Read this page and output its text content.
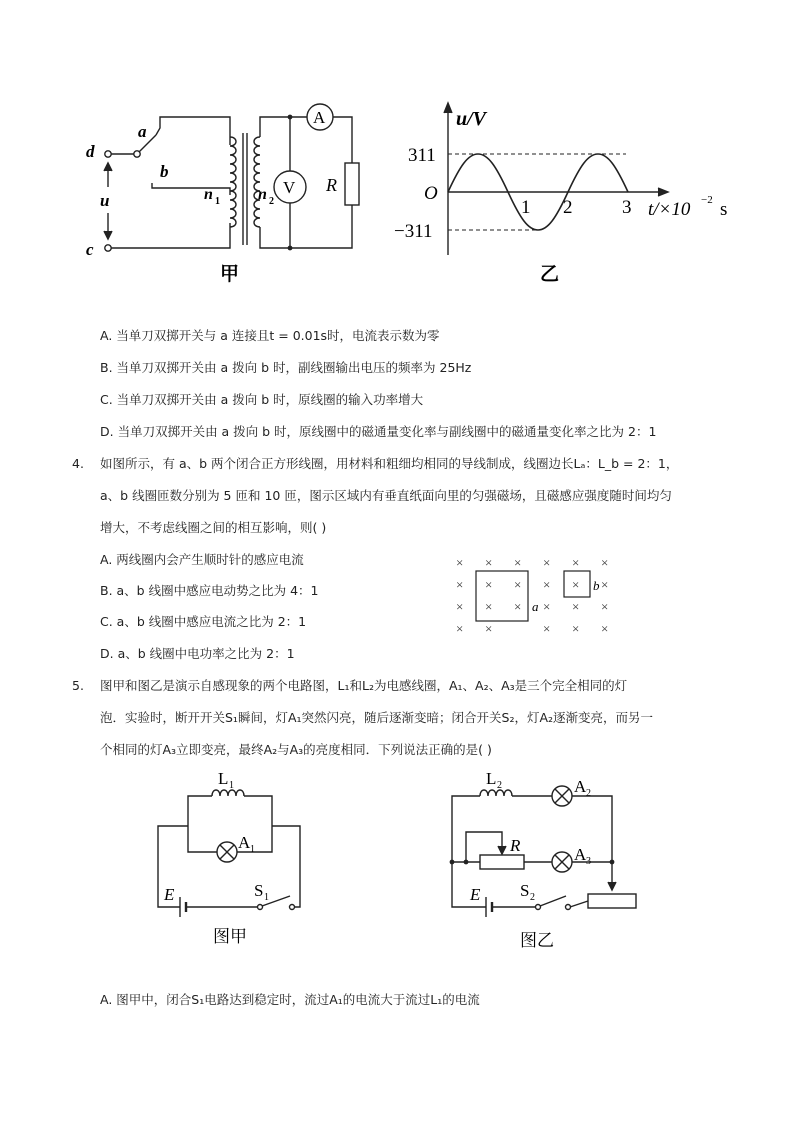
d
c
a
b
u	n 1 n 2
A
V R
甲
u/V
311
−311
O
1 2	3 t/×10 −2 s
乙
A. 当单刀双掷开关与 a 连接且t = 0.01s时，电流表示数为零
B. 当单刀双掷开关由 a 拨向 b 时，副线圈输出电压的频率为 25Hz
C. 当单刀双掷开关由 a 拨向 b 时，原线圈的输入功率增大
D. 当单刀双掷开关由 a 拨向 b 时，原线圈中的磁通量变化率与副线圈中的磁通量变化率之比为 2：1
4. 如图所示，有 a、b 两个闭合正方形线圈，用材料和粗细均相同的导线制成，线圈边长Lₐ：L_b = 2：1，
a、b 线圈匝数分别为 5 匝和 10 匝，图示区域内有垂直纸面向里的匀强磁场，且磁感应强度随时间均匀
增大，不考虑线圈之间的相互影响，则( )
A. 两线圈内会产生顺时针的感应电流
B. a、b 线圈中感应电动势之比为 4：1
C. a、b 线圈中感应电流之比为 2：1
D. a、b 线圈中电功率之比为 2：1
× × × × × ×
× × × × × ×
× × × × × ×
× ×	× × ×
a
b
5. 图甲和图乙是演示自感现象的两个电路图，L₁和L₂为电感线圈，A₁、A₂、A₃是三个完全相同的灯
泡．实验时，断开开关S₁瞬间，灯A₁突然闪亮，随后逐渐变暗；闭合开关S₂，灯A₂逐渐变亮，而另一
个相同的灯A₃立即变亮，最终A₂与A₃的亮度相同．下列说法正确的是( )
L 1
A 1
E	S 1
图甲
L 2	A 2
A 3
R
E S 2
图乙
A. 图甲中，闭合S₁电路达到稳定时，流过A₁的电流大于流过L₁的电流
